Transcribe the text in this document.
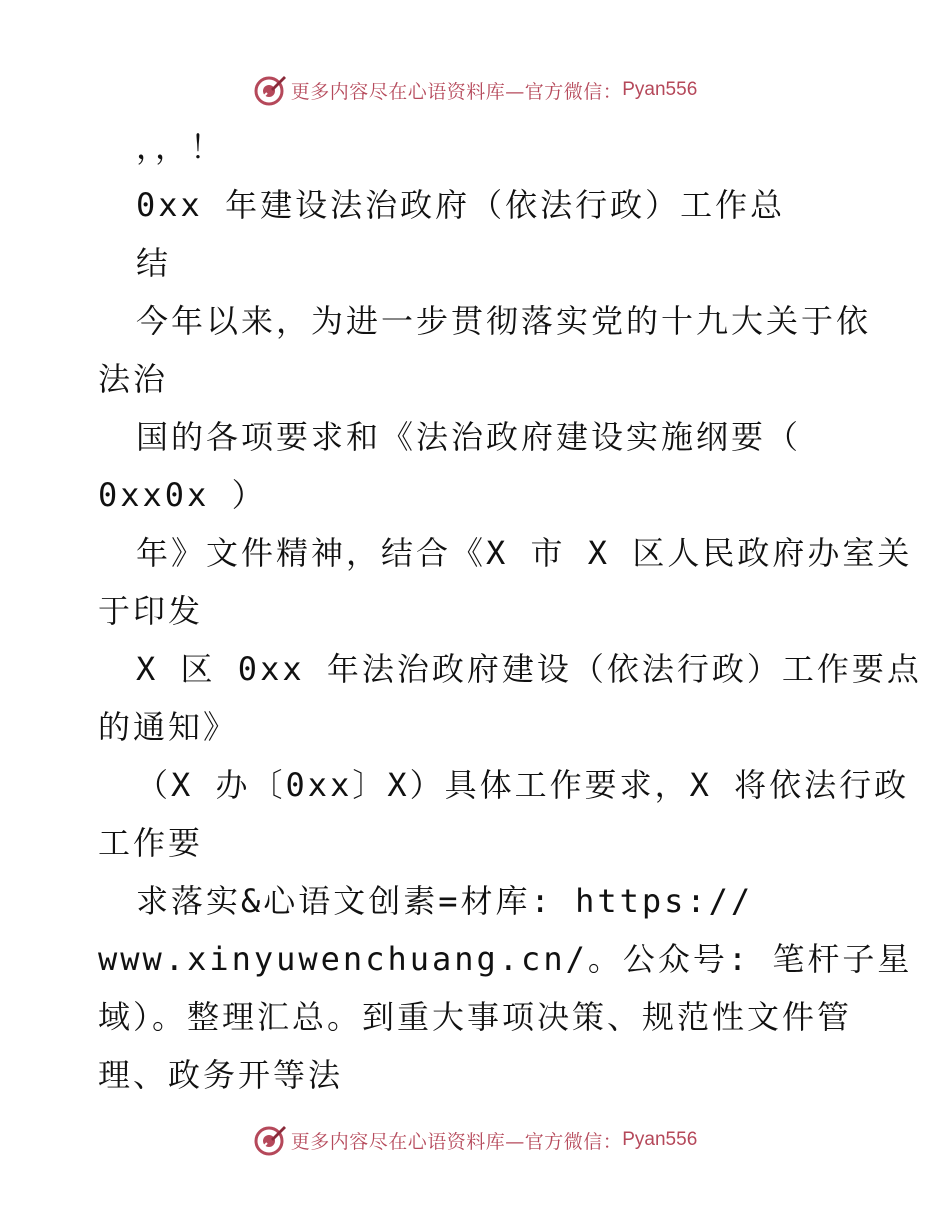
更多内容尽在心语资料库—官方微信： Pyan556
，，！
0xx 年建设法治政府（依法行政）工作总
结
今年以来，为进一步贯彻落实党的十九大关于依
法治
国的各项要求和《法治政府建设实施纲要（
0xx0x ）
年》文件精神，结合《X 市 X 区人民政府办室关
于印发
X 区 0xx 年法治政府建设（依法行政）工作要点
的通知》
（X 办〔0xx〕X）具体工作要求，X 将依法行政
工作要
求落实&心语文创素=材库: https://
www.xinyuwenchuang.cn/。公众号: 笔杆子星
域）。整理汇总。到重大事项决策、规范性文件管
理、政务开等法
更多内容尽在心语资料库—官方微信： Pyan556
